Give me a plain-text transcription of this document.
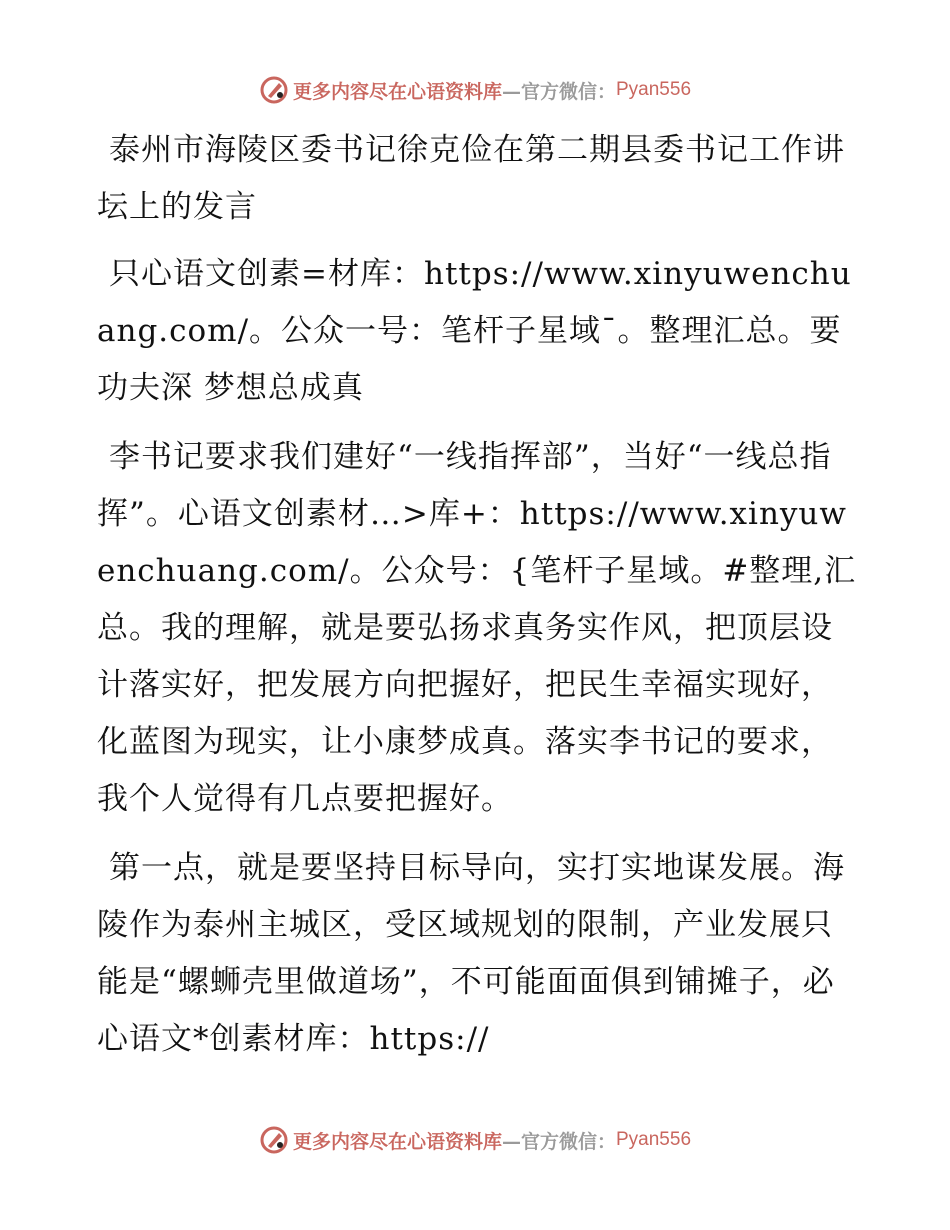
更多内容尽在心语资料库 —官方微信： Pyan556
泰州市海陵区委书记徐克俭在第二期县委书记工作讲坛上的发言
只心语文创素=材库：https://www.xinyuwenchuang.com/。公众一号：笔杆子星域¯。整理汇总。要功夫深 梦想总成真
李书记要求我们建好“一线指挥部”，当好“一线总指挥”。心语文创素材…>库+：https://www.xinyuwenchuang.com/。公众号：{笔杆子星域。#整理,汇总。我的理解，就是要弘扬求真务实作风，把顶层设计落实好，把发展方向把握好，把民生幸福实现好，化蓝图为现实，让小康梦成真。落实李书记的要求，我个人觉得有几点要把握好。
第一点，就是要坚持目标导向，实打实地谋发展。海陵作为泰州主城区，受区域规划的限制，产业发展只能是“螺蛳壳里做道场”，不可能面面俱到铺摊子，必心语文*创素材库：https://
更多内容尽在心语资料库 —官方微信： Pyan556
